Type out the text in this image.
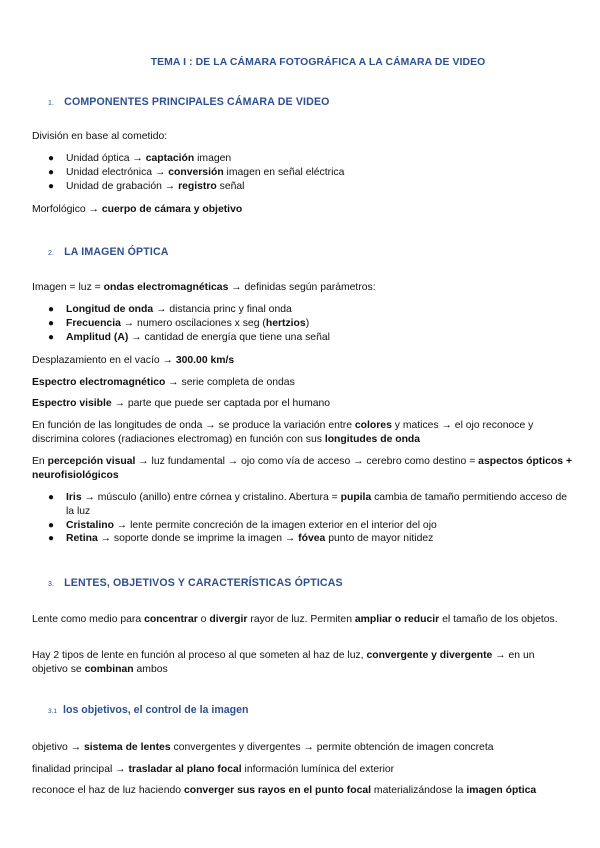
TEMA I : DE LA CÁMARA FOTOGRÁFICA A LA CÁMARA DE VIDEO
1. COMPONENTES PRINCIPALES CÁMARA DE VIDEO
División en base al cometido:
● Unidad óptica → captación imagen
● Unidad electrónica → conversión imagen en señal eléctrica
● Unidad de grabación → registro señal
Morfológico → cuerpo de cámara y objetivo
2. LA IMAGEN ÓPTICA
Imagen = luz = ondas electromagnéticas → definidas según parámetros:
● Longitud de onda → distancia princ y final onda
● Frecuencia → numero oscilaciones x seg (hertzios)
● Amplitud (A) → cantidad de energía que tiene una señal
Desplazamiento en el vacío → 300.00 km/s
Espectro electromagnético → serie completa de ondas
Espectro visible → parte que puede ser captada por el humano
En función de las longitudes de onda → se produce la variación entre colores y matices → el ojo reconoce y discrimina colores (radiaciones electromag) en función con sus longitudes de onda
En percepción visual → luz fundamental → ojo como vía de acceso → cerebro como destino = aspectos ópticos + neurofisiológicos
● Iris → músculo (anillo) entre córnea y cristalino. Abertura = pupila cambia de tamaño permitiendo acceso de la luz
● Cristalino → lente permite concreción de la imagen exterior en el interior del ojo
● Retina → soporte donde se imprime la imagen → fóvea punto de mayor nitidez
3. LENTES, OBJETIVOS Y CARACTERÍSTICAS ÓPTICAS
Lente como medio para concentrar o divergir rayor de luz. Permiten ampliar o reducir el tamaño de los objetos.
Hay 2 tipos de lente en función al proceso al que someten al haz de luz, convergente y divergente → en un objetivo se combinan ambos
3.1 los objetivos, el control de la imagen
objetivo → sistema de lentes convergentes y divergentes → permite obtención de imagen concreta
finalidad principal → trasladar al plano focal información lumínica del exterior
reconoce el haz de luz haciendo converger sus rayos en el punto focal materializándose la imagen óptica
